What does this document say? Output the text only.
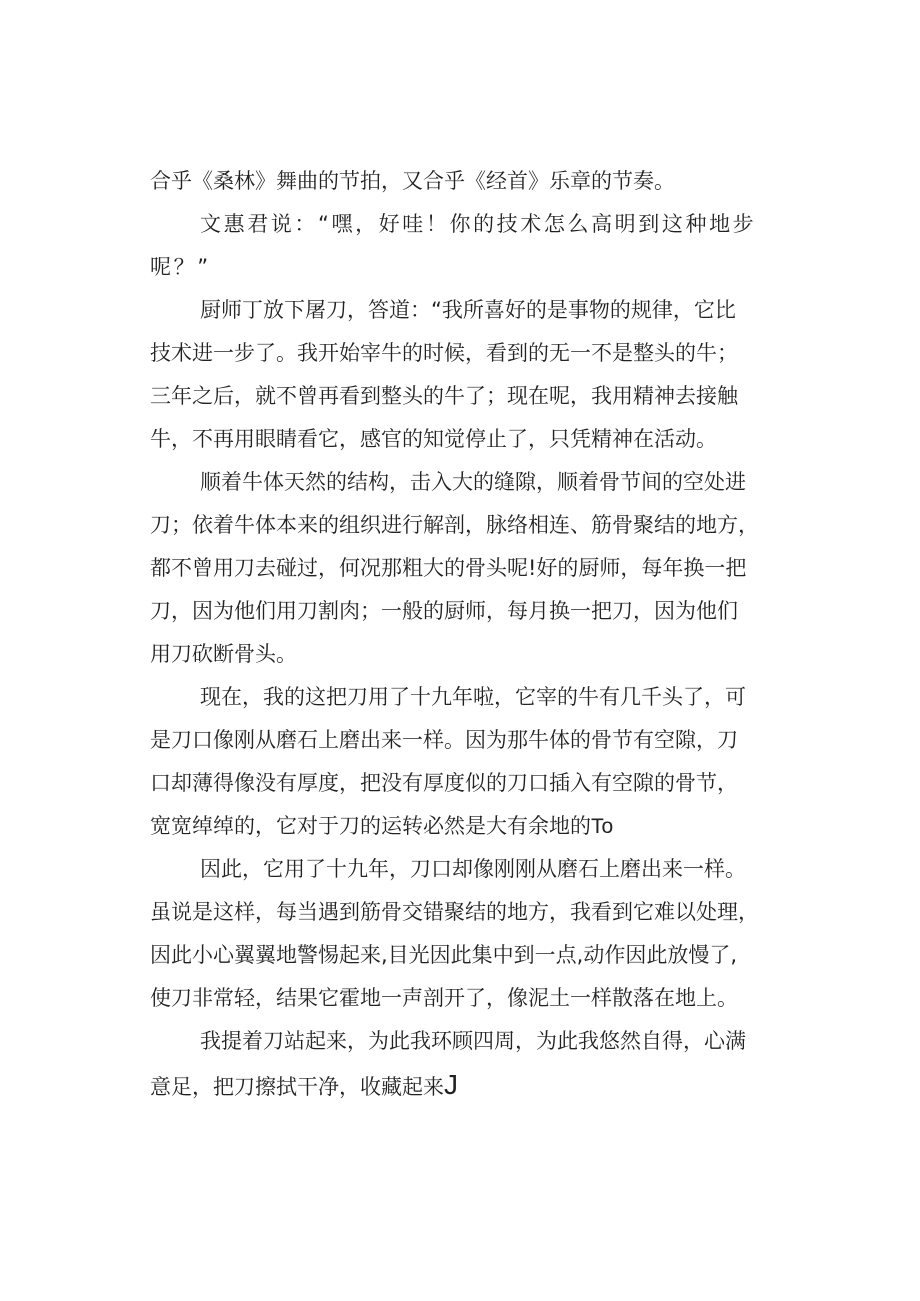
合乎《桑林》舞曲的节拍，又合乎《经首》乐章的节奏。
文惠君说：“嘿，好哇！你的技术怎么高明到这种地步
呢？”
厨师丁放下屠刀，答道：“我所喜好的是事物的规律，它比
技术进一步了。我开始宰牛的时候，看到的无一不是整头的牛；
三年之后，就不曾再看到整头的牛了；现在呢，我用精神去接触
牛，不再用眼睛看它，感官的知觉停止了，只凭精神在活动。
顺着牛体天然的结构，击入大的缝隙，顺着骨节间的空处进
刀；依着牛体本来的组织进行解剖，脉络相连、筋骨聚结的地方，
都不曾用刀去碰过，何况那粗大的骨头呢!好的厨师，每年换一把
刀，因为他们用刀割肉；一般的厨师，每月换一把刀，因为他们
用刀砍断骨头。
现在，我的这把刀用了十九年啦，它宰的牛有几千头了，可
是刀口像刚从磨石上磨出来一样。因为那牛体的骨节有空隙，刀
口却薄得像没有厚度，把没有厚度似的刀口插入有空隙的骨节，
宽宽绰绰的，它对于刀的运转必然是大有余地的To
因此，它用了十九年，刀口却像刚刚从磨石上磨出来一样。
虽说是这样，每当遇到筋骨交错聚结的地方，我看到它难以处理，
因此小心翼翼地警惕起来,目光因此集中到一点,动作因此放慢了,
使刀非常轻，结果它霍地一声剖开了，像泥土一样散落在地上。
我提着刀站起来，为此我环顾四周，为此我悠然自得，心满
意足，把刀擦拭干净，收藏起来J
